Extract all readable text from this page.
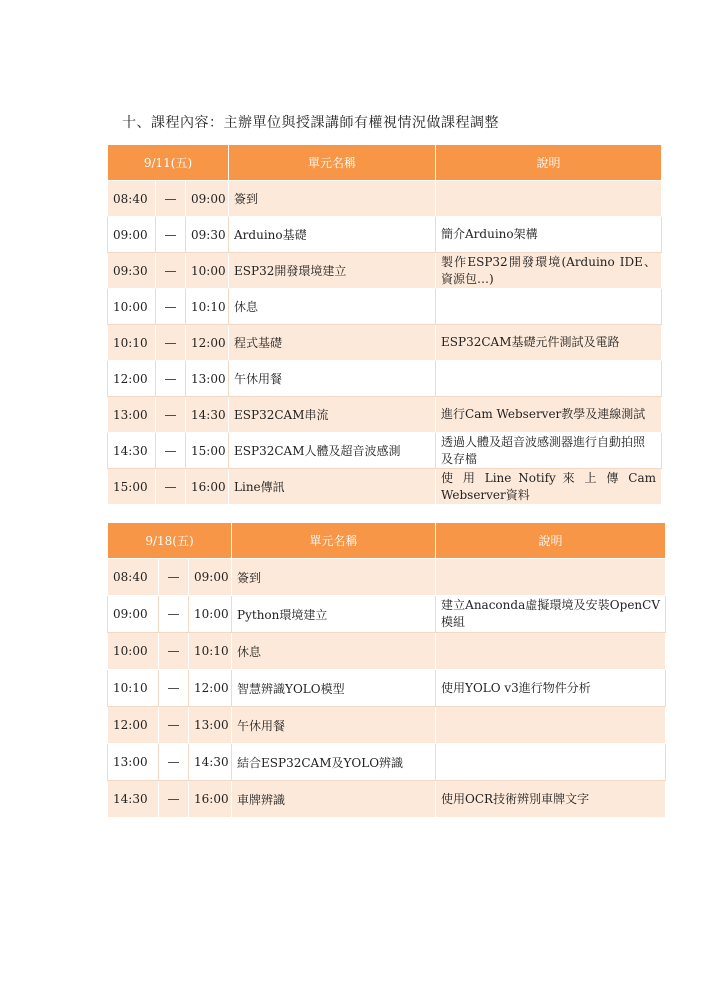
十、課程內容：主辦單位與授課講師有權視情況做課程調整
9/11(五)			單元名稱	說明
08:40	—	09:00	簽到	
09:00	—	09:30	Arduino基礎	簡介Arduino架構
09:30	—	10:00	ESP32開發環境建立	製作ESP32開發環境(Arduino IDE、資源包…)
10:00	—	10:10	休息	
10:10	—	12:00	程式基礎	ESP32CAM基礎元件測試及電路
12:00	—	13:00	午休用餐	
13:00	—	14:30	ESP32CAM串流	進行Cam Webserver教學及連線測試
14:30	—	15:00	ESP32CAM人體及超音波感測	透過人體及超音波感測器進行自動拍照及存檔
15:00	—	16:00	Line傳訊	使 用 Line Notify 來 上 傳 Cam Webserver資料
9/18(五)			單元名稱	說明
08:40	—	09:00	簽到	
09:00	—	10:00	Python環境建立	建立Anaconda虛擬環境及安裝OpenCV模組
10:00	—	10:10	休息	
10:10	—	12:00	智慧辨識YOLO模型	使用YOLO v3進行物件分析
12:00	—	13:00	午休用餐	
13:00	—	14:30	結合ESP32CAM及YOLO辨識	
14:30	—	16:00	車牌辨識	使用OCR技術辨別車牌文字
